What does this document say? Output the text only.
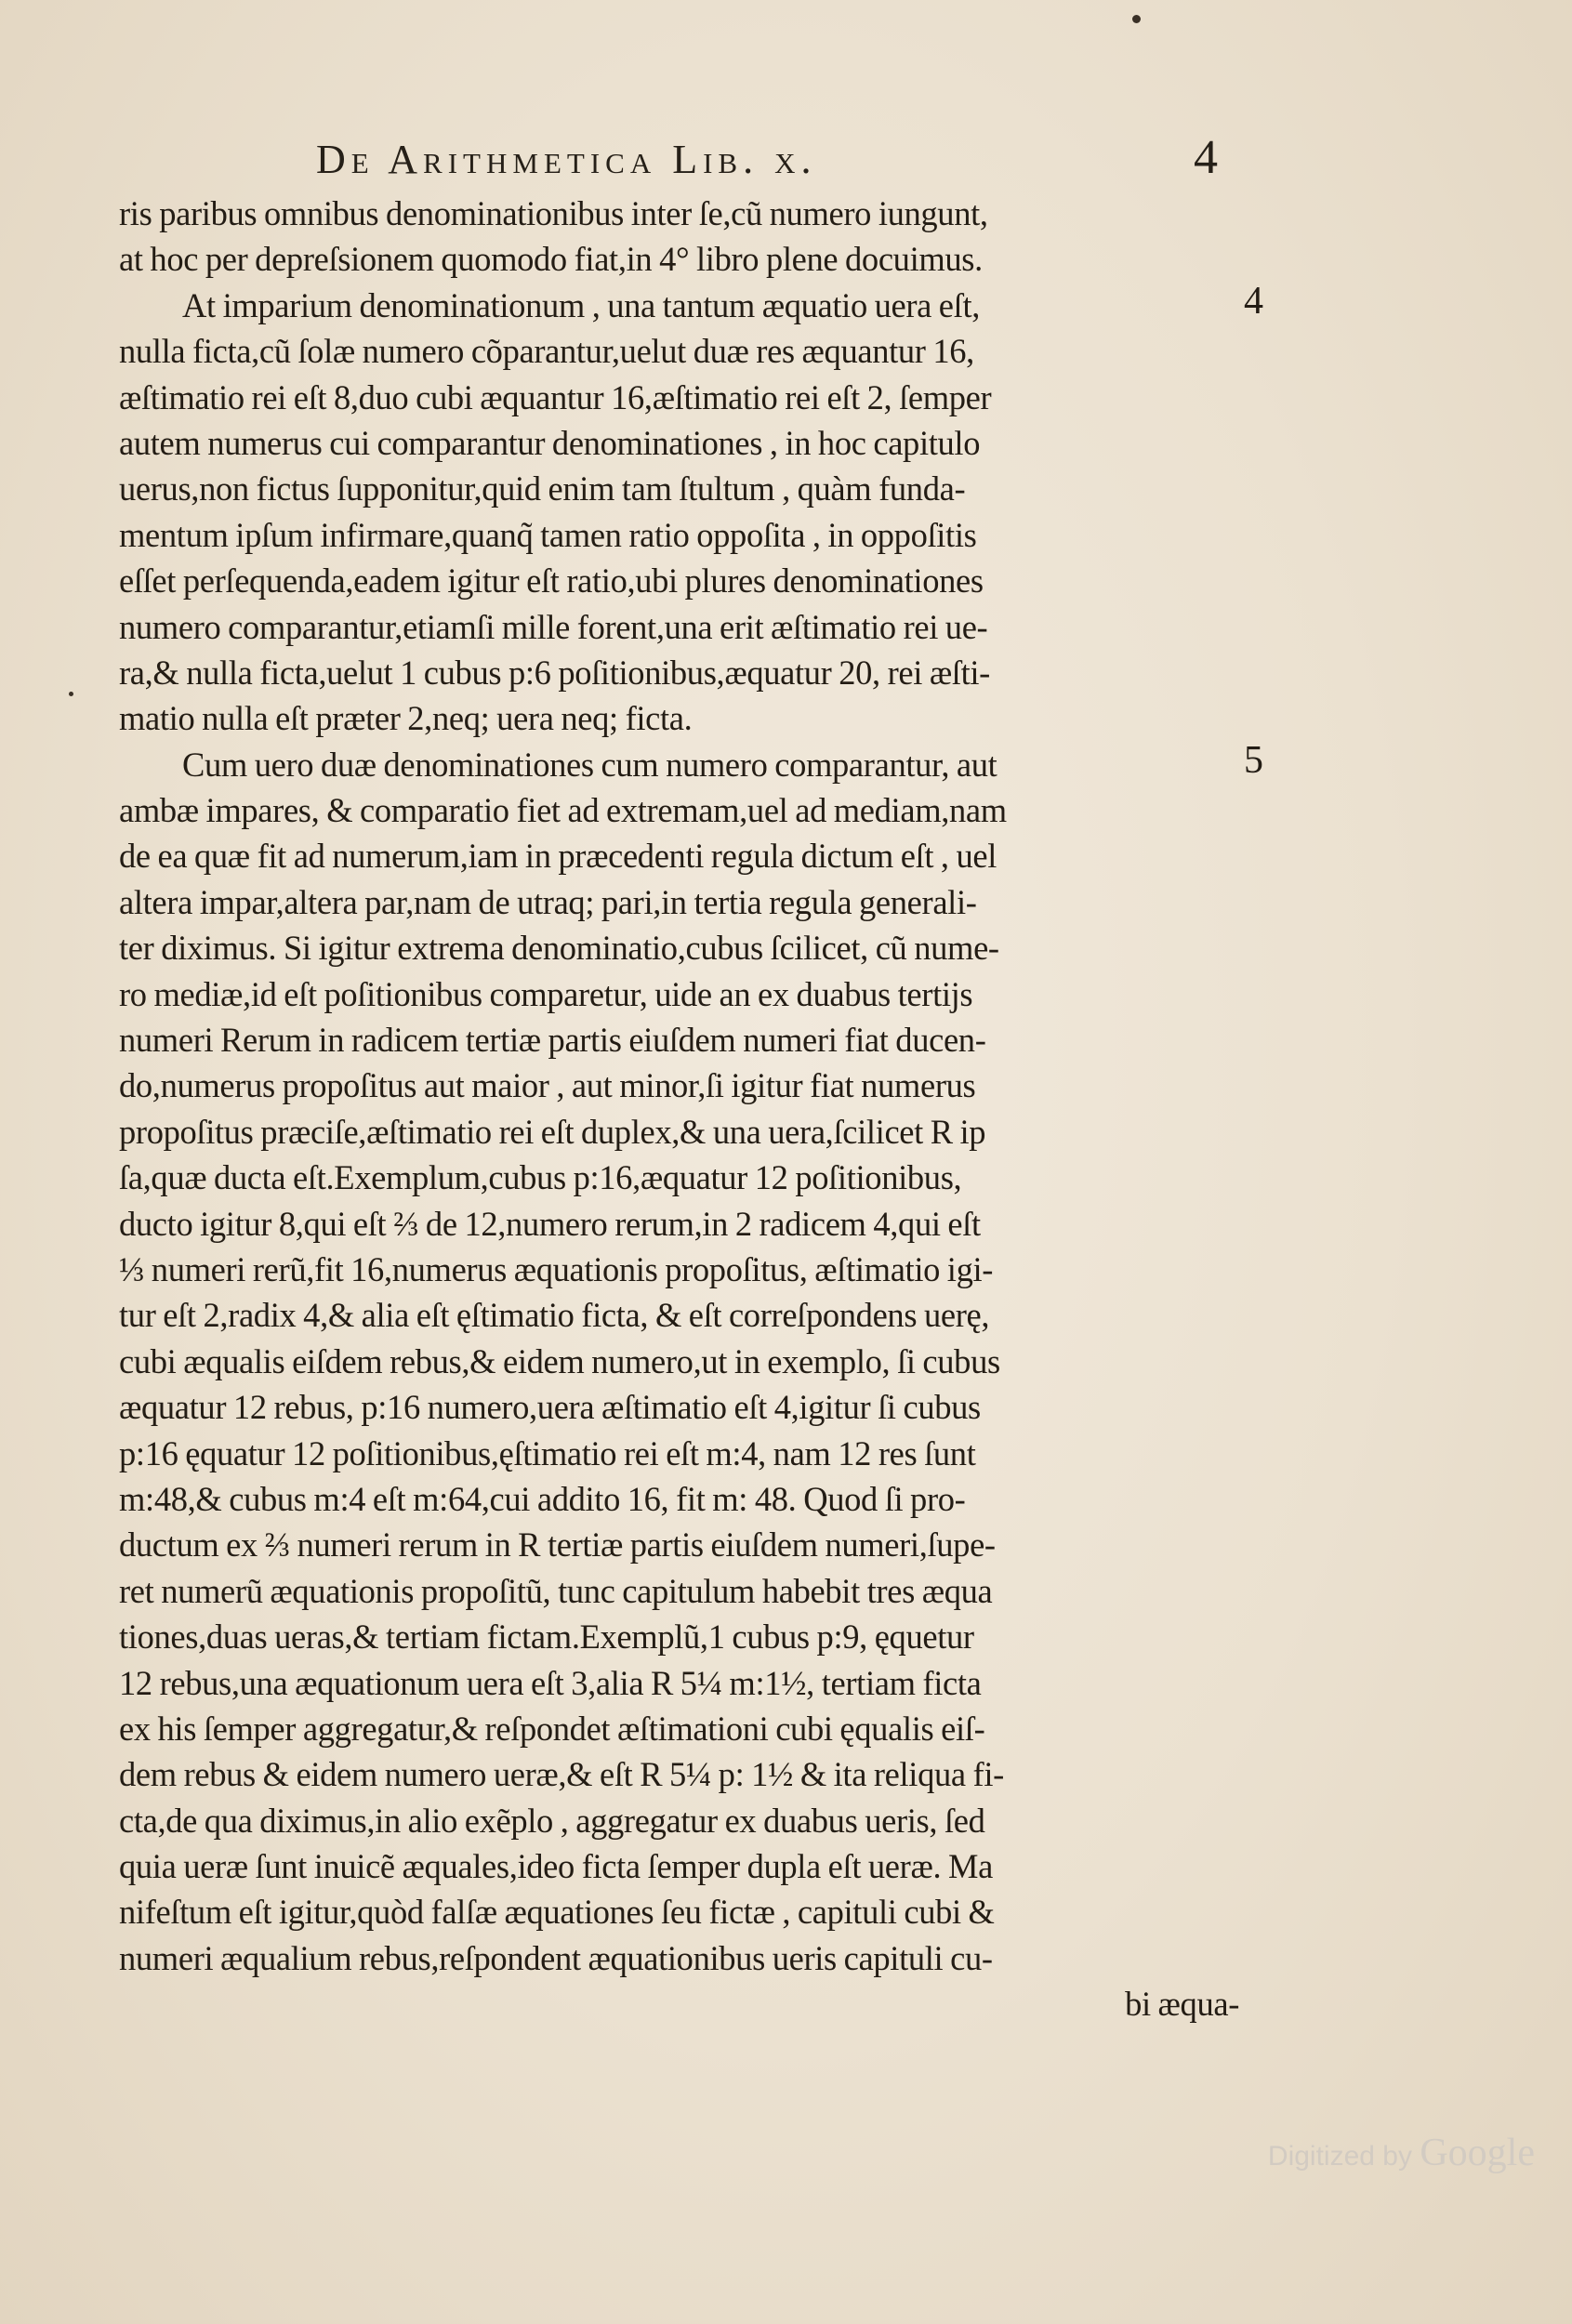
De Arithmetica Lib. x.	4
4
5
ris paribus omnibus denominationibus inter ſe,cũ numero iungunt,
at hoc per depreſsionem quomodo fiat,in 4° libro plene docuimus.
At imparium denominationum , una tantum æquatio uera eſt,
nulla ficta,cũ ſolæ numero cõparantur,uelut duæ res æquantur 16,
æſtimatio rei eſt 8,duo cubi æquantur 16,æſtimatio rei eſt 2, ſemper
autem numerus cui comparantur denominationes , in hoc capitulo
uerus,non fictus ſupponitur,quid enim tam ſtultum , quàm funda-
mentum ipſum infirmare,quanq̃ tamen ratio oppoſita , in oppoſitis
eſſet perſequenda,eadem igitur eſt ratio,ubi plures denominationes
numero comparantur,etiamſi mille forent,una erit æſtimatio rei ue-
ra,& nulla ficta,uelut 1 cubus p:6 poſitionibus,æquatur 20, rei æſti-
matio nulla eſt præter 2,neq; uera neq; ficta.
Cum uero duæ denominationes cum numero comparantur, aut
ambæ impares, & comparatio fiet ad extremam,uel ad mediam,nam
de ea quæ fit ad numerum,iam in præcedenti regula dictum eſt , uel
altera impar,altera par,nam de utraq; pari,in tertia regula generali-
ter diximus. Si igitur extrema denominatio,cubus ſcilicet, cũ nume-
ro mediæ,id eſt poſitionibus comparetur, uide an ex duabus tertijs
numeri Rerum in radicem tertiæ partis eiuſdem numeri fiat ducen-
do,numerus propoſitus aut maior , aut minor,ſi igitur fiat numerus
propoſitus præciſe,æſtimatio rei eſt duplex,& una uera,ſcilicet R ip
ſa,quæ ducta eſt.Exemplum,cubus p:16,æquatur 12 poſitionibus,
ducto igitur 8,qui eſt ⅔ de 12,numero rerum,in 2 radicem 4,qui eſt
⅓ numeri rerũ,fit 16,numerus æquationis propoſitus, æſtimatio igi-
tur eſt 2,radix 4,& alia eſt ęſtimatio ficta, & eſt correſpondens uerę,
cubi æqualis eiſdem rebus,& eidem numero,ut in exemplo, ſi cubus
æquatur 12 rebus, p:16 numero,uera æſtimatio eſt 4,igitur ſi cubus
p:16 ęquatur 12 poſitionibus,ęſtimatio rei eſt m:4, nam 12 res ſunt
m:48,& cubus m:4 eſt m:64,cui addito 16, fit m: 48. Quod ſi pro-
ductum ex ⅔ numeri rerum in R tertiæ partis eiuſdem numeri,ſupe-
ret numerũ æquationis propoſitũ, tunc capitulum habebit tres æqua
tiones,duas ueras,& tertiam fictam.Exemplũ,1 cubus p:9, ęquetur
12 rebus,una æquationum uera eſt 3,alia R 5¼ m:1½, tertiam ficta
ex his ſemper aggregatur,& reſpondet æſtimationi cubi ęqualis eiſ-
dem rebus & eidem numero ueræ,& eſt R 5¼ p: 1½ & ita reliqua fi-
cta,de qua diximus,in alio exẽplo , aggregatur ex duabus ueris, ſed
quia ueræ ſunt inuicẽ æquales,ideo ficta ſemper dupla eſt ueræ. Ma
nifeſtum eſt igitur,quòd falſæ æquationes ſeu fictæ , capituli cubi &
numeri æqualium rebus,reſpondent æquationibus ueris capituli cu-
bi æqua-
Digitized by Google
